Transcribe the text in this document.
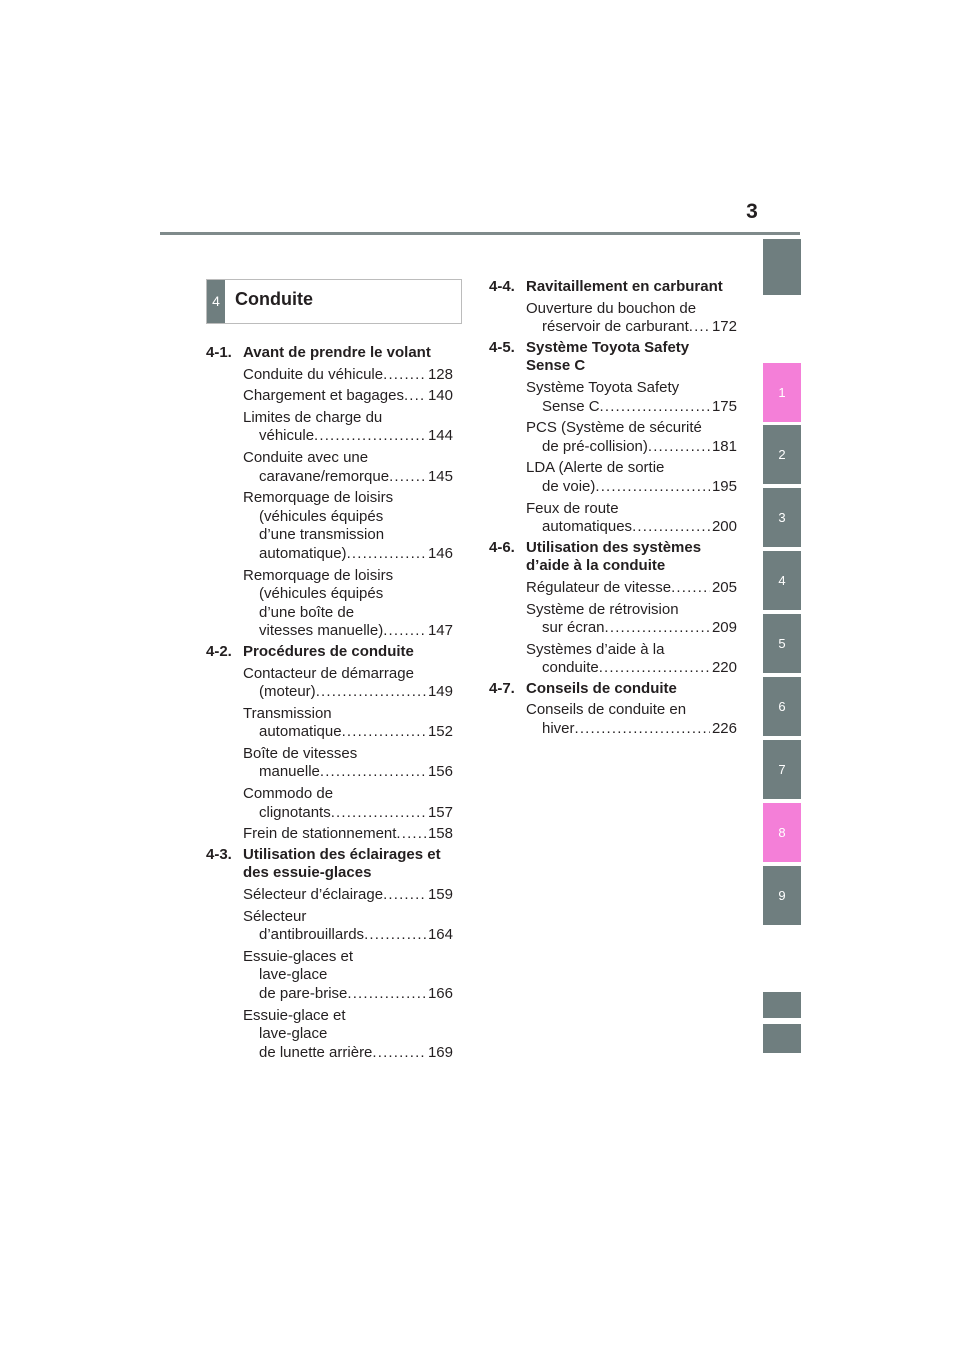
3
1
2
3
4
5
6
7
8
9
4 Conduite
4-1. Avant de prendre le volant
Conduite du véhicule . . .	128
Chargement et bagages . . . 140
Limites de charge du
véhicule . . .	144
Conduite avec une
caravane/remorque . . .	145
Remorquage de loisirs
(véhicules équipés
d’une transmission
automatique) . . .	146
Remorquage de loisirs
(véhicules équipés
d’une boîte de
vitesses manuelle) . . .	147
4-2. Procédures de conduite
Contacteur de démarrage
(moteur) . . .	149
Transmission
automatique . . .	152
Boîte de vitesses
manuelle . . .	156
Commodo de
clignotants . . .	157
Frein de stationnement . . . 158
4-3. Utilisation des éclairages et des essuie-glaces
Sélecteur d’éclairage . . .	159
Sélecteur
d’antibrouillards . . .	164
Essuie-glaces et
lave-glace
de pare-brise . . .	166
Essuie-glace et
lave-glace
de lunette arrière . . .	169
4-4. Ravitaillement en carburant
Ouverture du bouchon de
réservoir de carburant . . . 172
4-5. Système Toyota Safety Sense C
Système Toyota Safety
Sense C . . .	175
PCS (Système de sécurité
de pré-collision) . . .	181
LDA (Alerte de sortie
de voie) . . .	195
Feux de route
automatiques . . .	200
4-6. Utilisation des systèmes d’aide à la conduite
Régulateur de vitesse . . .	205
Système de rétrovision
sur écran . . .	209
Systèmes d’aide à la
conduite . . .	220
4-7. Conseils de conduite
Conseils de conduite en
hiver . . .	226
